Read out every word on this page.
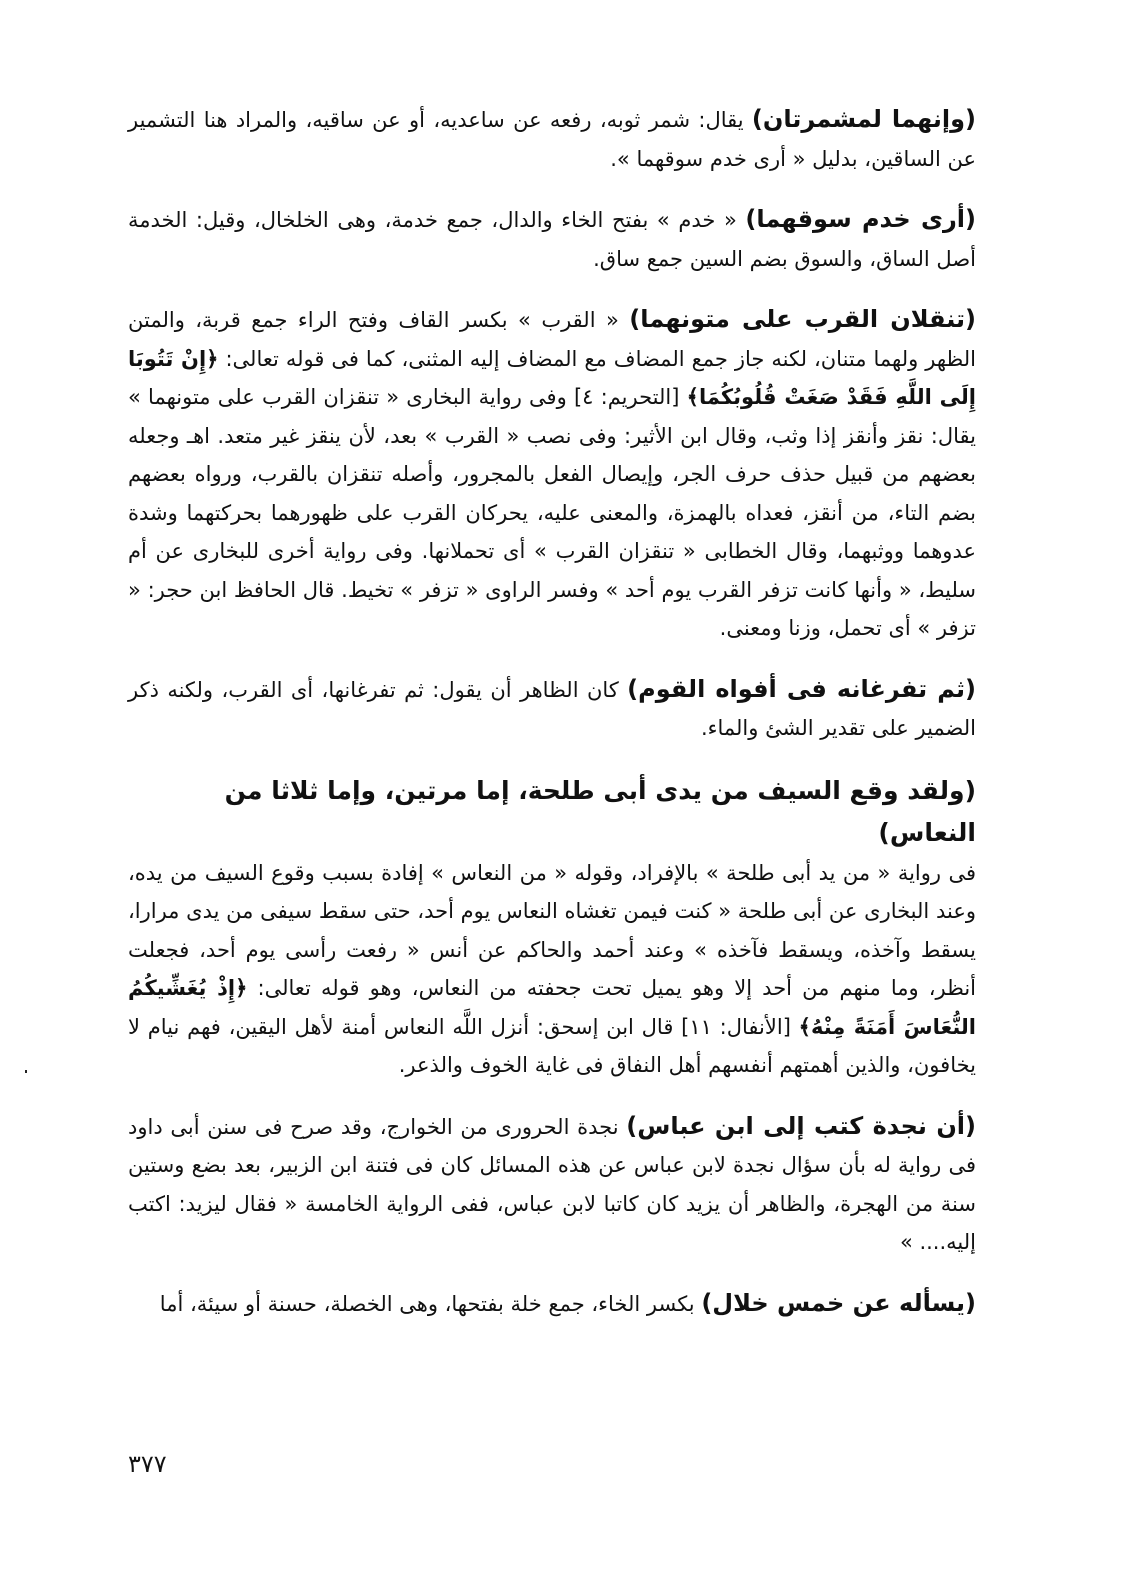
(وإنهما لمشمرتان) يقال: شمر ثوبه، رفعه عن ساعديه، أو عن ساقيه، والمراد هنا التشمير عن الساقين، بدليل « أرى خدم سوقهما ».

(أرى خدم سوقهما) « خدم » بفتح الخاء والدال، جمع خدمة، وهى الخلخال، وقيل: الخدمة أصل الساق، والسوق بضم السين جمع ساق.

(تنقلان القرب على متونهما) « القرب » بكسر القاف وفتح الراء جمع قربة، والمتن الظهر ولهما متنان، لكنه جاز جمع المضاف مع المضاف إليه المثنى، كما فى قوله تعالى: ﴿إِنْ تَتُوبَا إِلَى اللَّهِ فَقَدْ صَغَتْ قُلُوبُكُمَا﴾ [التحريم: ٤] وفى رواية البخارى « تنقزان القرب على متونهما » يقال: نقز وأنقز إذا وثب، وقال ابن الأثير: وفى نصب « القرب » بعد، لأن ينقز غير متعد. اهـ وجعله بعضهم من قبيل حذف حرف الجر، وإيصال الفعل بالمجرور، وأصله تنقزان بالقرب، ورواه بعضهم بضم التاء، من أنقز، فعداه بالهمزة، والمعنى عليه، يحركان القرب على ظهورهما بحركتهما وشدة عدوهما ووثبهما، وقال الخطابى « تنقزان القرب » أى تحملانها. وفى رواية أخرى للبخارى عن أم سليط، « وأنها كانت تزفر القرب يوم أحد » وفسر الراوى « تزفر » تخيط. قال الحافظ ابن حجر: « تزفر » أى تحمل، وزنا ومعنى.

(ثم تفرغانه فى أفواه القوم) كان الظاهر أن يقول: ثم تفرغانها، أى القرب، ولكنه ذكر الضمير على تقدير الشئ والماء.

(ولقد وقع السيف من يدى أبى طلحة، إما مرتين، وإما ثلاثا من النعاس)
فى رواية « من يد أبى طلحة » بالإفراد، وقوله « من النعاس » إفادة بسبب وقوع السيف من يده، وعند البخارى عن أبى طلحة « كنت فيمن تغشاه النعاس يوم أحد، حتى سقط سيفى من يدى مرارا، يسقط وآخذه، ويسقط فآخذه » وعند أحمد والحاكم عن أنس « رفعت رأسى يوم أحد، فجعلت أنظر، وما منهم من أحد إلا وهو يميل تحت جحفته من النعاس، وهو قوله تعالى: ﴿إِذْ يُغَشِّيكُمُ النُّعَاسَ أَمَنَةً مِنْهُ﴾ [الأنفال: ١١] قال ابن إسحق: أنزل اللَّه النعاس أمنة لأهل اليقين، فهم نيام لا يخافون، والذين أهمتهم أنفسهم أهل النفاق فى غاية الخوف والذعر.

(أن نجدة كتب إلى ابن عباس) نجدة الحرورى من الخوارج، وقد صرح فى سنن أبى داود فى رواية له بأن سؤال نجدة لابن عباس عن هذه المسائل كان فى فتنة ابن الزبير، بعد بضع وستين سنة من الهجرة، والظاهر أن يزيد كان كاتبا لابن عباس، ففى الرواية الخامسة « فقال ليزيد: اكتب إليه.... »

(يسأله عن خمس خلال) بكسر الخاء، جمع خلة بفتحها، وهى الخصلة، حسنة أو سيئة، أما

٣٧٧
